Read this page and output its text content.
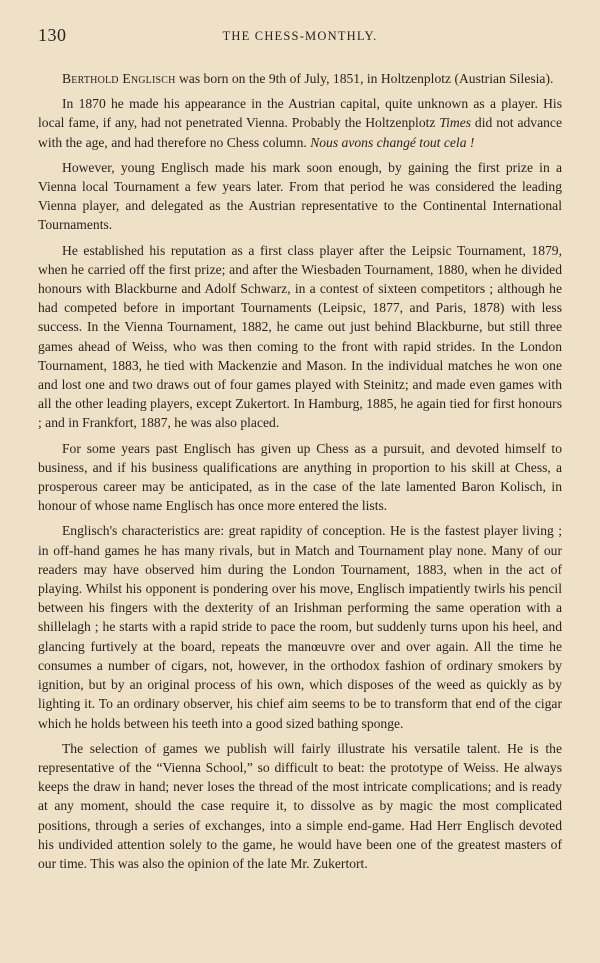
130	THE CHESS-MONTHLY.

Berthold Englisch was born on the 9th of July, 1851, in Holtzenplotz (Austrian Silesia).

In 1870 he made his appearance in the Austrian capital, quite unknown as a player. His local fame, if any, had not penetrated Vienna. Probably the Holtzenplotz Times did not advance with the age, and had therefore no Chess column. Nous avons changé tout cela !

However, young Englisch made his mark soon enough, by gaining the first prize in a Vienna local Tournament a few years later. From that period he was considered the leading Vienna player, and delegated as the Austrian representative to the Continental International Tournaments.

He established his reputation as a first class player after the Leipsic Tournament, 1879, when he carried off the first prize; and after the Wiesbaden Tournament, 1880, when he divided honours with Blackburne and Adolf Schwarz, in a contest of sixteen competitors ; although he had competed before in important Tournaments (Leipsic, 1877, and Paris, 1878) with less success. In the Vienna Tournament, 1882, he came out just behind Blackburne, but still three games ahead of Weiss, who was then coming to the front with rapid strides. In the London Tournament, 1883, he tied with Mackenzie and Mason. In the individual matches he won one and lost one and two draws out of four games played with Steinitz; and made even games with all the other leading players, except Zukertort. In Hamburg, 1885, he again tied for first honours ; and in Frankfort, 1887, he was also placed.

For some years past Englisch has given up Chess as a pursuit, and devoted himself to business, and if his business qualifications are anything in proportion to his skill at Chess, a prosperous career may be anticipated, as in the case of the late lamented Baron Kolisch, in honour of whose name Englisch has once more entered the lists.

Englisch's characteristics are: great rapidity of conception. He is the fastest player living ; in off-hand games he has many rivals, but in Match and Tournament play none. Many of our readers may have observed him during the London Tournament, 1883, when in the act of playing. Whilst his opponent is pondering over his move, Englisch impatiently twirls his pencil between his fingers with the dexterity of an Irishman performing the same operation with a shillelagh ; he starts with a rapid stride to pace the room, but suddenly turns upon his heel, and glancing furtively at the board, repeats the manœuvre over and over again. All the time he consumes a number of cigars, not, however, in the orthodox fashion of ordinary smokers by ignition, but by an original process of his own, which disposes of the weed as quickly as by lighting it. To an ordinary observer, his chief aim seems to be to transform that end of the cigar which he holds between his teeth into a good sized bathing sponge.

The selection of games we publish will fairly illustrate his versatile talent. He is the representative of the “Vienna School,” so difficult to beat: the prototype of Weiss. He always keeps the draw in hand; never loses the thread of the most intricate complications; and is ready at any moment, should the case require it, to dissolve as by magic the most complicated positions, through a series of exchanges, into a simple end-game. Had Herr Englisch devoted his undivided attention solely to the game, he would have been one of the greatest masters of our time. This was also the opinion of the late Mr. Zukertort.
